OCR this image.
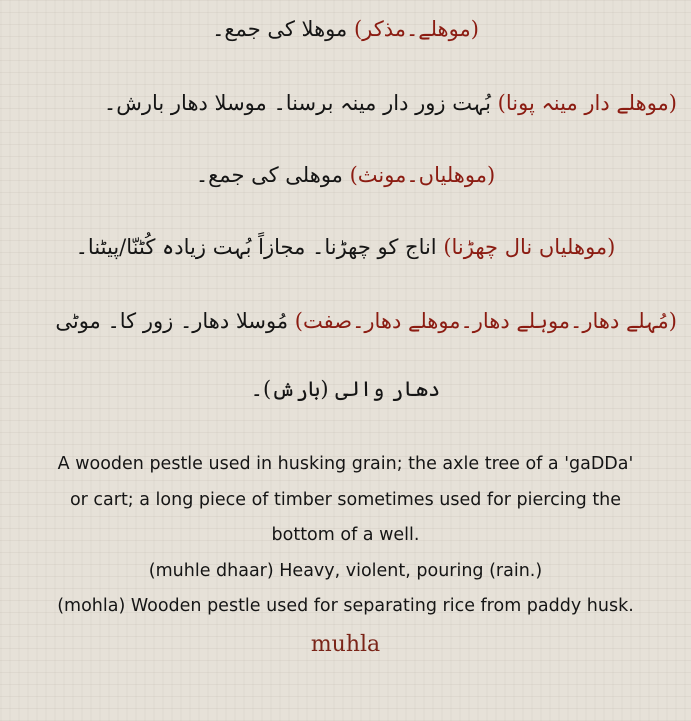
(موھلے۔مذکر) موھلا کی جمع۔
(موھلے دار مینہ پونا) بُہت زور دار مینہ برسنا۔ موسلا دھار بارش۔
(موھلیاں۔مونث) موھلی کی جمع۔
(موھلیاں نال چھڑنا) اناج کو چھڑنا۔ مجازاً بُہت زیادہ کُٹنّا/پیٹنا۔
(مُہلے دھار۔موہلے دھار۔موھلے دھار۔صفت) مُوسلا دھار۔ زور کا۔ موٹی
دھار والی (بارش)۔
A wooden pestle used in husking grain; the axle tree of a 'gaDDa'
or cart; a long piece of timber sometimes used for piercing the
bottom of a well.
(muhle dhaar) Heavy, violent, pouring (rain.)
(mohla) Wooden pestle used for separating rice from paddy husk.
muhla
